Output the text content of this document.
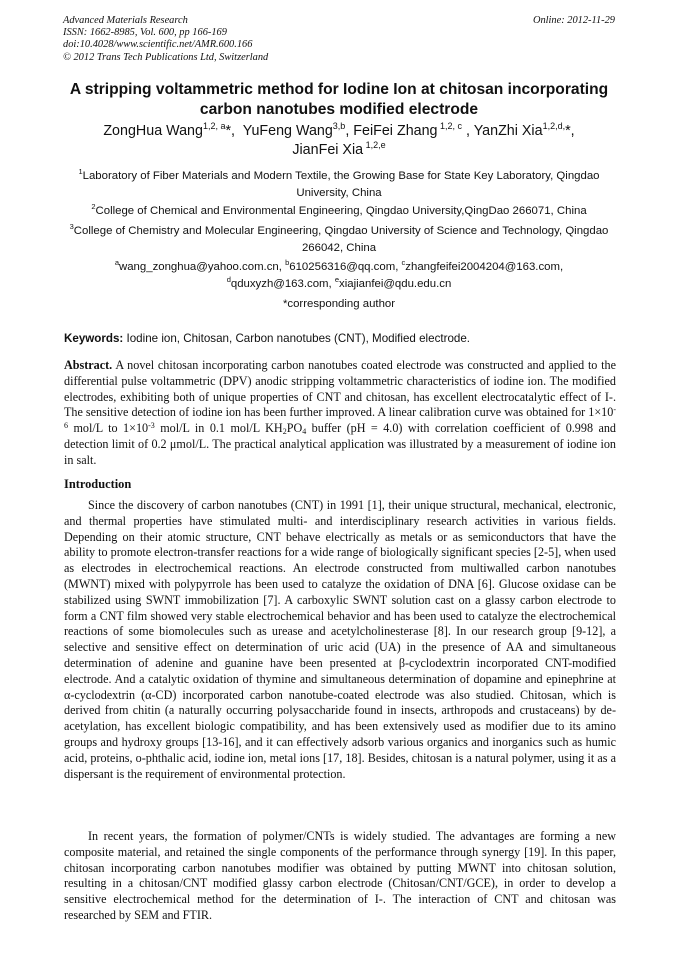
Advanced Materials Research
ISSN: 1662-8985, Vol. 600, pp 166-169
doi:10.4028/www.scientific.net/AMR.600.166
© 2012 Trans Tech Publications Ltd, Switzerland
Online: 2012-11-29
A stripping voltammetric method for Iodine Ion at chitosan incorporating carbon nanotubes modified electrode
ZongHua Wang$^{1,2, a}$*,  YuFeng Wang$^{3,b}$, FeiFei Zhang $^{1,2, c}$ , YanZhi Xia$^{1,2,d,}$*,
JianFei Xia $^{1,2,e}$
$^1$Laboratory of Fiber Materials and Modern Textile, the Growing Base for State Key Laboratory, Qingdao University, China
$^2$College of Chemical and Environmental Engineering, Qingdao University,QingDao 266071, China
$^3$College of Chemistry and Molecular Engineering, Qingdao University of Science and Technology, Qingdao 266042, China
$^a$wang_zonghua@yahoo.com.cn, $^b$610256316@qq.com, $^c$zhangfeifei2004204@163.com,
$^d$qduxyzh@163.com, $^e$xiajianfei@qdu.edu.cn
*corresponding author
Keywords: Iodine ion, Chitosan, Carbon nanotubes (CNT), Modified electrode.
Abstract. A novel chitosan incorporating carbon nanotubes coated electrode was constructed and applied to the differential pulse voltammetric (DPV) anodic stripping voltammetric characteristics of iodine ion. The modified electrodes, exhibiting both of unique properties of CNT and chitosan, has excellent electrocatalytic effect of I-. The sensitive detection of iodine ion has been further improved. A linear calibration curve was obtained for $1\times 10^{-6}$ mol/L to $1\times 10^{-3}$ mol/L in 0.1 mol/L $KH_2PO_4$ buffer (pH = 4.0) with correlation coefficient of 0.998 and detection limit of 0.2 μmol/L. The practical analytical application was illustrated by a measurement of iodine ion in salt.
Introduction
Since the discovery of carbon nanotubes (CNT) in 1991 [1], their unique structural, mechanical, electronic, and thermal properties have stimulated multi- and interdisciplinary research activities in various fields. Depending on their atomic structure, CNT behave electrically as metals or as semiconductors that have the ability to promote electron-transfer reactions for a wide range of biologically significant species [2-5], when used as electrodes in electrochemical reactions. An electrode constructed from multiwalled carbon nanotubes (MWNT) mixed with polypyrrole has been used to catalyze the oxidation of DNA [6]. Glucose oxidase can be stabilized using SWNT immobilization [7]. A carboxylic SWNT solution cast on a glassy carbon electrode to form a CNT film showed very stable electrochemical behavior and has been used to catalyze the electrochemical reactions of some biomolecules such as urease and acetylcholinesterase [8]. In our research group [9-12], a selective and sensitive effect on determination of uric acid (UA) in the presence of AA and simultaneous determination of adenine and guanine have been presented at β-cyclodextrin incorporated CNT-modified electrode. And a catalytic oxidation of thymine and simultaneous determination of dopamine and epinephrine at α-cyclodextrin (α-CD) incorporated carbon nanotube-coated electrode was also studied. Chitosan, which is derived from chitin (a naturally occurring polysaccharide found in insects, arthropods and crustaceans) by de-acetylation, has excellent biologic compatibility, and has been extensively used as modifier due to its amino groups and hydroxy groups [13-16], and it can effectively adsorb various organics and inorganics such as humic acid, proteins, o-phthalic acid, iodine ion, metal ions [17, 18]. Besides, chitosan is a natural polymer, using it as a dispersant is the requirement of environmental protection.
In recent years, the formation of polymer/CNTs is widely studied. The advantages are forming a new composite material, and retained the single components of the performance through synergy [19]. In this paper, chitosan incorporating carbon nanotubes modifier was obtained by putting MWNT into chitosan solution, resulting in a chitosan/CNT modified glassy carbon electrode (Chitosan/CNT/GCE), in order to develop a sensitive electrochemical method for the determination of I-. The interaction of CNT and chitosan was researched by SEM and FTIR.
